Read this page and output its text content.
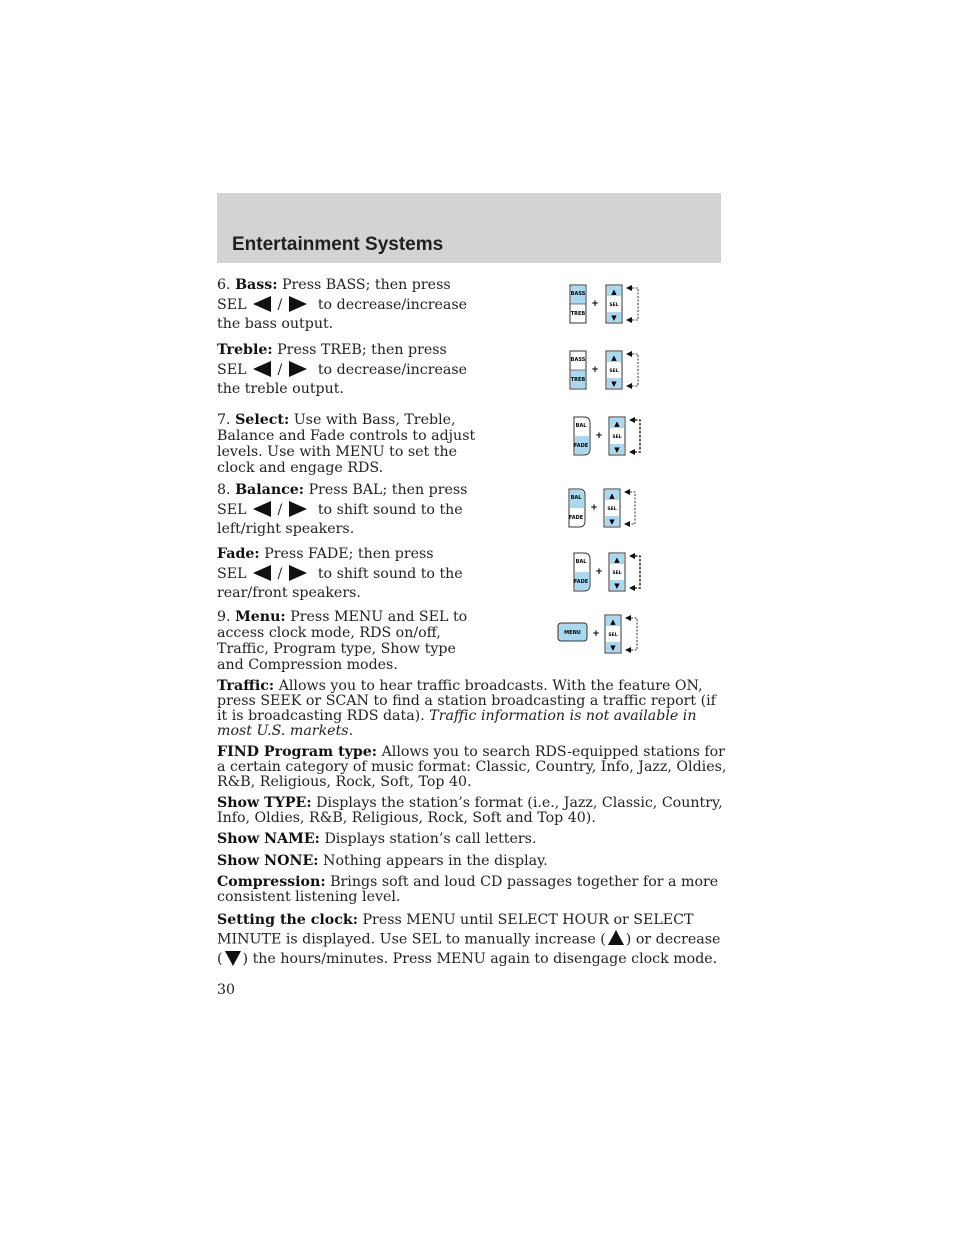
Entertainment Systems
6. Bass: Press BASS; then press
SEL /	to decrease/increase
the bass output.
Treble: Press TREB; then press
SEL /	to decrease/increase
the treble output.
7. Select: Use with Bass, Treble,
Balance and Fade controls to adjust
levels. Use with MENU to set the
clock and engage RDS.
8. Balance: Press BAL; then press
SEL /	to shift sound to the
left/right speakers.
Fade: Press FADE; then press
SEL /	to shift sound to the
rear/front speakers.
9. Menu: Press MENU and SEL to
access clock mode, RDS on/off,
Traffic, Program type, Show type
and Compression modes.
Traffic: Allows you to hear traffic broadcasts. With the feature ON, press SEEK or SCAN to find a station broadcasting a traffic report (if it is broadcasting RDS data). Traffic information is not available in most U.S. markets.
FIND Program type: Allows you to search RDS-equipped stations for a certain category of music format: Classic, Country, Info, Jazz, Oldies, R&B, Religious, Rock, Soft, Top 40.
Show TYPE: Displays the station’s format (i.e., Jazz, Classic, Country, Info, Oldies, R&B, Religious, Rock, Soft and Top 40).
Show NAME: Displays station’s call letters.
Show NONE: Nothing appears in the display.
Compression: Brings soft and loud CD passages together for a more consistent listening level.
Setting the clock: Press MENU until SELECT HOUR or SELECT
MINUTE is displayed. Use SEL to manually increase ( ) or decrease
( ) the hours/minutes. Press MENU again to disengage clock mode.
30
BASS
TREB
+
▲
SEL
▼
BASS
TREB
+
▲
SEL
▼
BAL
FADE
+
▲
SEL
▼
BAL
FADE
+
▲
SEL
▼
BAL
FADE
+
▲
SEL
▼
MENU +
▲
SEL
▼
